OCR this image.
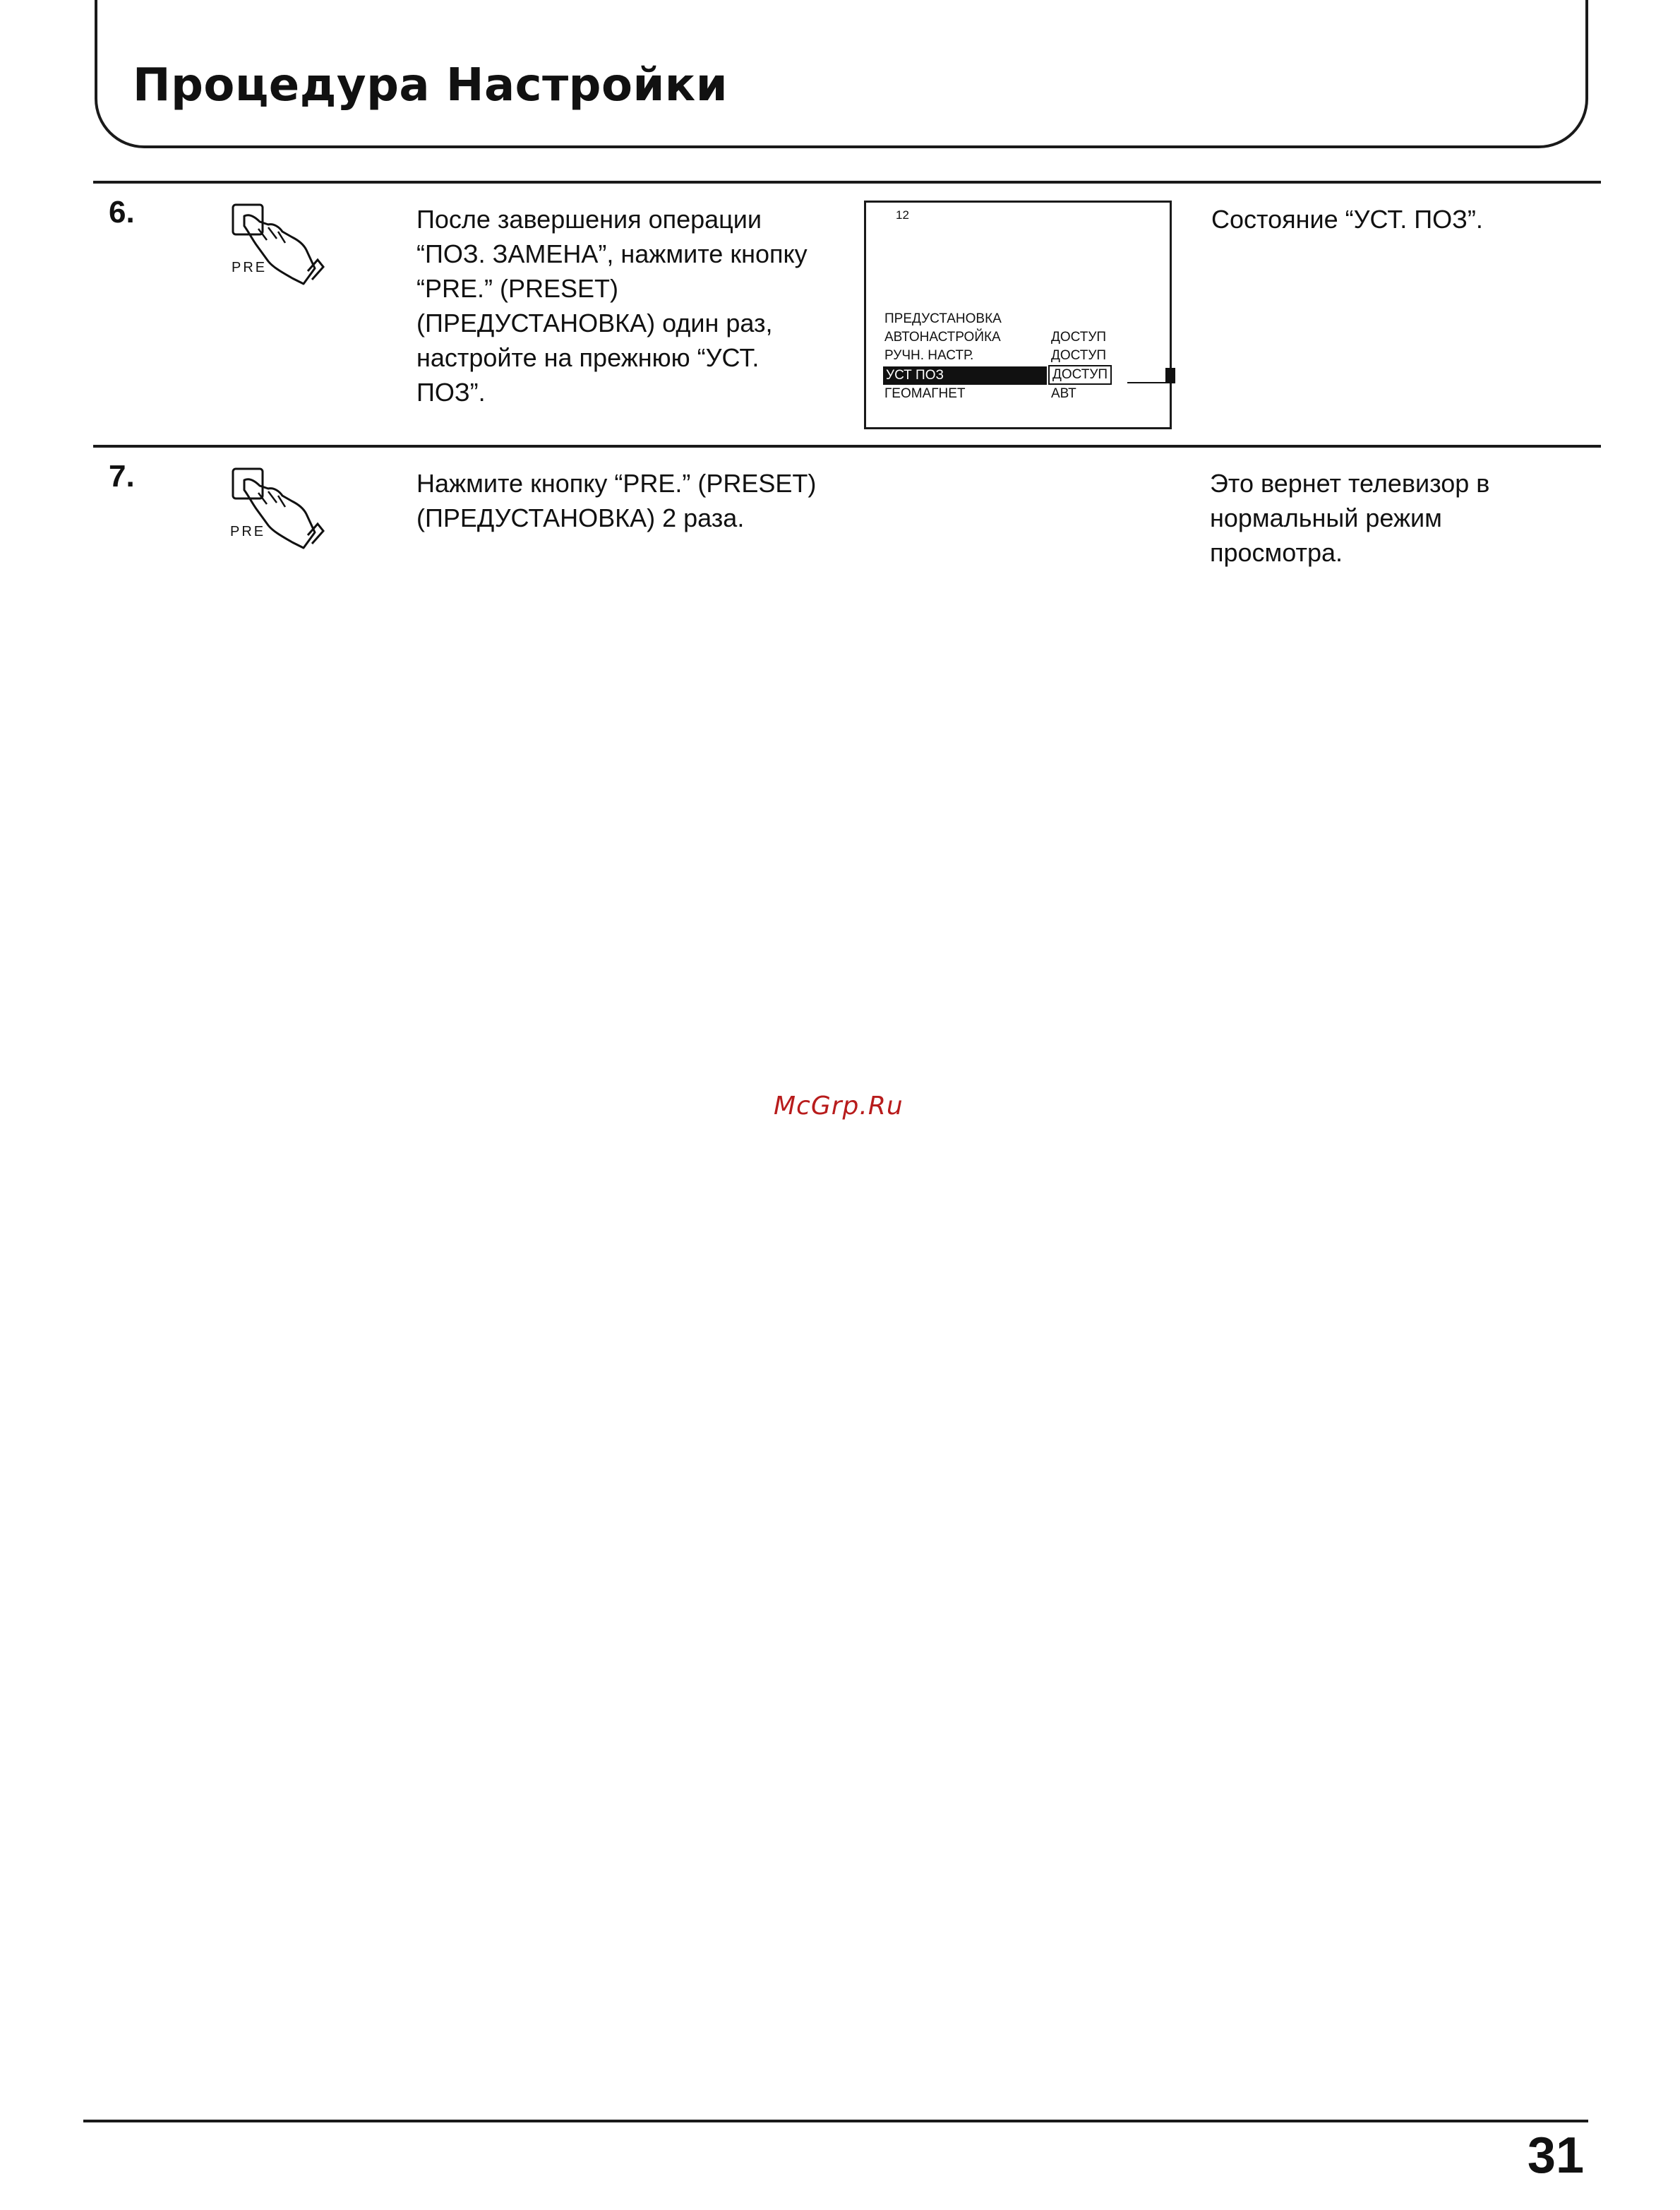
Процедура Настройки
6.
PRE
После завершения операции
“ПОЗ. ЗАМЕНА”, нажмите кнопку
“PRE.” (PRESET)
(ПРЕДУСТАНОВКА) один раз,
настройте на прежнюю “УСТ.
ПОЗ”.
12
ПРЕДУСТАНОВКА
АВТОНАСТРОЙКА	ДОСТУП
РУЧН. НАСТР.	ДОСТУП
УСТ ПОЗ	ДОСТУП
ГЕОМАГНЕТ	АВТ
Состояние “УСТ. ПОЗ”.
7.
PRE
Нажмите кнопку “PRE.” (PRESET)
(ПРЕДУСТАНОВКА) 2 раза.
Это вернет телевизор в
нормальный режим
просмотра.
McGrp.Ru
31
